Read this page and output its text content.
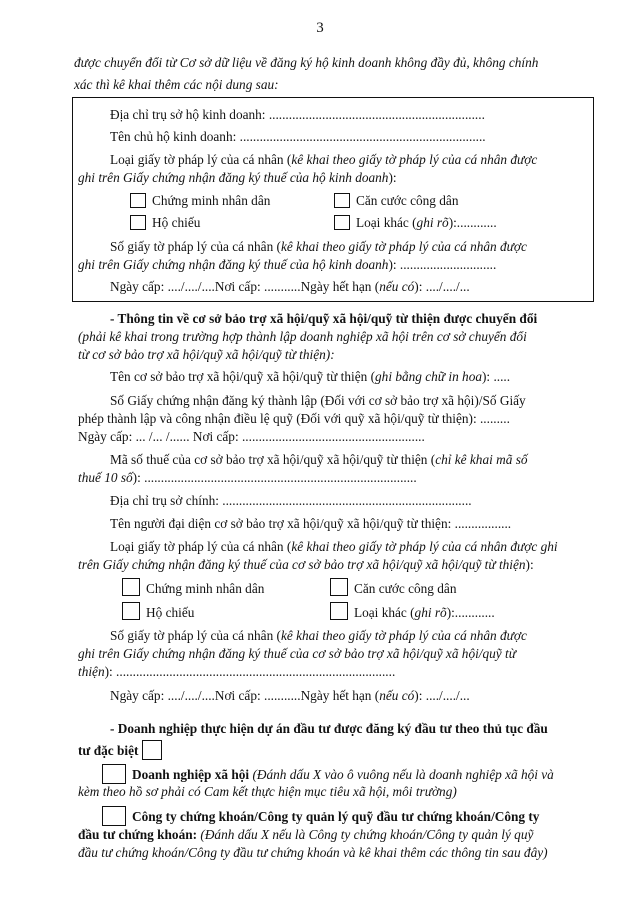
3

được chuyển đổi từ Cơ sở dữ liệu về đăng ký hộ kinh doanh không đầy đủ, không chính

xác thì kê khai thêm các nội dung sau:

Địa chỉ trụ sở hộ kinh doanh: .................................................................
Tên chủ hộ kinh doanh: ..........................................................................
Loại giấy tờ pháp lý của cá nhân (kê khai theo giấy tờ pháp lý của cá nhân được
ghi trên Giấy chứng nhận đăng ký thuế của hộ kinh doanh):
Chứng minh nhân dân	Căn cước công dân
Hộ chiếu	Loại khác (ghi rõ):............
Số giấy tờ pháp lý của cá nhân (kê khai theo giấy tờ pháp lý của cá nhân được
ghi trên Giấy chứng nhận đăng ký thuế của hộ kinh doanh): .............................
Ngày cấp: ..../..../....Nơi cấp: ...........Ngày hết hạn (nếu có): ..../..../...
- Thông tin về cơ sở bảo trợ xã hội/quỹ xã hội/quỹ từ thiện được chuyển đổi
(phải kê khai trong trường hợp thành lập doanh nghiệp xã hội trên cơ sở chuyển đổi
từ cơ sở bảo trợ xã hội/quỹ xã hội/quỹ từ thiện):
Tên cơ sở bảo trợ xã hội/quỹ xã hội/quỹ từ thiện (ghi bằng chữ in hoa): .....
Số Giấy chứng nhận đăng ký thành lập (Đối với cơ sở bảo trợ xã hội)/Số Giấy
phép thành lập và công nhận điều lệ quỹ (Đối với quỹ xã hội/quỹ từ thiện): .........
Ngày cấp: ... /... /...... Nơi cấp: .......................................................
Mã số thuế của cơ sở bảo trợ xã hội/quỹ xã hội/quỹ từ thiện (chỉ kê khai mã số
thuế 10 số): ..................................................................................
Địa chỉ trụ sở chính: ...........................................................................
Tên người đại diện cơ sở bảo trợ xã hội/quỹ xã hội/quỹ từ thiện: .................
Loại giấy tờ pháp lý của cá nhân (kê khai theo giấy tờ pháp lý của cá nhân được ghi
trên Giấy chứng nhận đăng ký thuế của cơ sở bảo trợ xã hội/quỹ xã hội/quỹ từ thiện):
Chứng minh nhân dân	Căn cước công dân
Hộ chiếu	Loại khác (ghi rõ):............
Số giấy tờ pháp lý của cá nhân (kê khai theo giấy tờ pháp lý của cá nhân được
ghi trên Giấy chứng nhận đăng ký thuế của cơ sở bảo trợ xã hội/quỹ xã hội/quỹ từ
thiện): ....................................................................................
Ngày cấp: ..../..../....Nơi cấp: ...........Ngày hết hạn (nếu có): ..../..../...
- Doanh nghiệp thực hiện dự án đầu tư được đăng ký đầu tư theo thủ tục đầu
tư đặc biệt
Doanh nghiệp xã hội (Đánh dấu X vào ô vuông nếu là doanh nghiệp xã hội và
kèm theo hồ sơ phải có Cam kết thực hiện mục tiêu xã hội, môi trường)
Công ty chứng khoán/Công ty quản lý quỹ đầu tư chứng khoán/Công ty
đầu tư chứng khoán: (Đánh dấu X nếu là Công ty chứng khoán/Công ty quản lý quỹ
đầu tư chứng khoán/Công ty đầu tư chứng khoán và kê khai thêm các thông tin sau đây)
